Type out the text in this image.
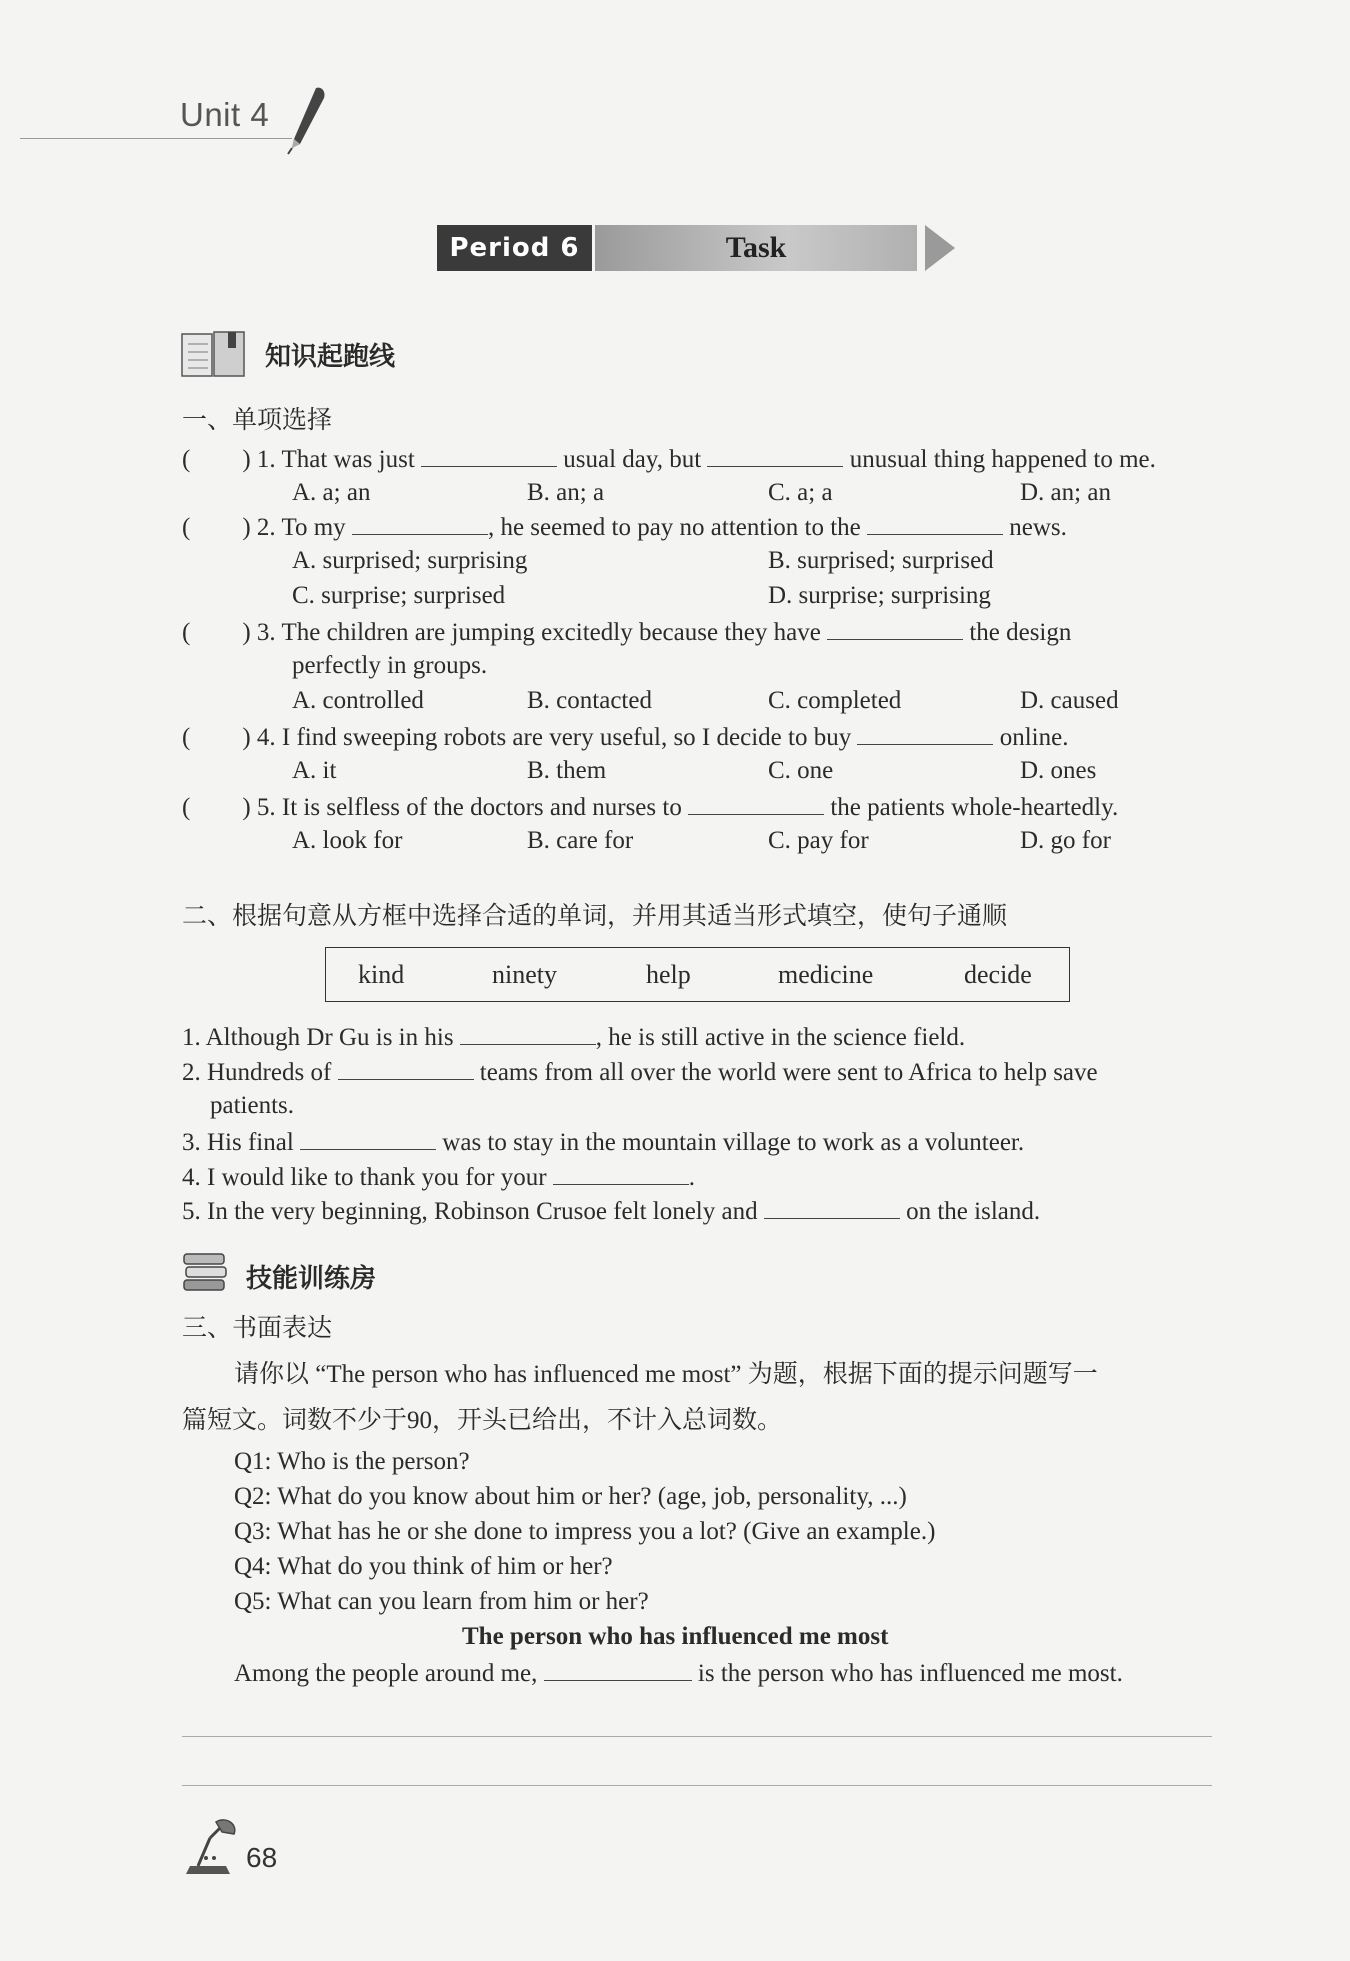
Unit 4
Period 6	Task
知识起跑线
一、单项选择
( ) 1. That was just	usual day, but	unusual thing happened to me.
A. a; an	B. an; a	C. a; a	D. an; an
( ) 2. To my	, he seemed to pay no attention to the	news.
A. surprised; surprising	B. surprised; surprised
C. surprise; surprised	D. surprise; surprising
( ) 3. The children are jumping excitedly because they have	the design
perfectly in groups.
A. controlled	B. contacted	C. completed	D. caused
( ) 4. I find sweeping robots are very useful, so I decide to buy	online.
A. it	B. them	C. one	D. ones
( ) 5. It is selfless of the doctors and nurses to	the patients whole-heartedly.
A. look for	B. care for	C. pay for	D. go for
二、根据句意从方框中选择合适的单词，并用其适当形式填空，使句子通顺
kind	ninety	help	medicine	decide
1. Although Dr Gu is in his	, he is still active in the science field.
2. Hundreds of	teams from all over the world were sent to Africa to help save
patients.
3. His final	was to stay in the mountain village to work as a volunteer.
4. I would like to thank you for your	.
5. In the very beginning, Robinson Crusoe felt lonely and	on the island.
技能训练房
三、书面表达
请你以 “The person who has influenced me most” 为题，根据下面的提示问题写一
篇短文。词数不少于90，开头已给出，不计入总词数。
Q1: Who is the person?
Q2: What do you know about him or her? (age, job, personality, ...)
Q3: What has he or she done to impress you a lot? (Give an example.)
Q4: What do you think of him or her?
Q5: What can you learn from him or her?
The person who has influenced me most
Among the people around me,	is the person who has influenced me most.
68
